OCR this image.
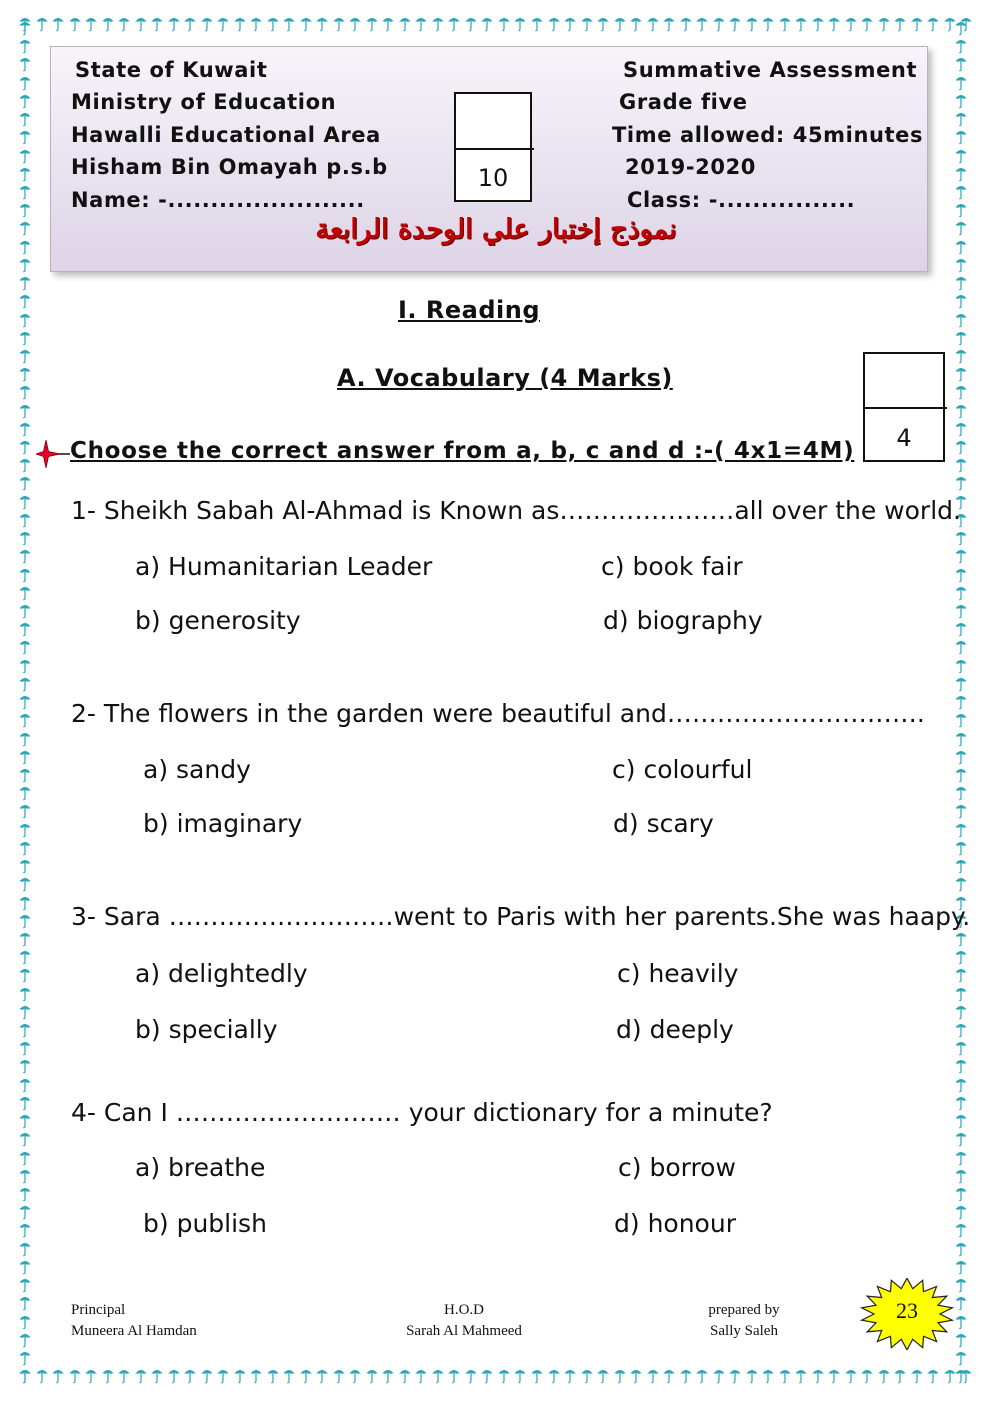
State of Kuwait
Ministry of Education
Hawalli Educational Area
Hisham Bin Omayah p.s.b
Name: -.......................
Summative Assessment
Grade five
Time allowed: 45minutes
2019-2020
Class: -................
10
نموذج إختبار علي الوحدة الرابعة
I. Reading
A. Vocabulary (4 Marks)
4
Choose the correct answer from a, b, c and d :-( 4x1=4M)
1- Sheikh Sabah Al-Ahmad is Known as…………………all over the world.
a) Humanitarian Leader
b) generosity
c) book fair
d) biography
2- The flowers in the garden were beautiful and………………………….
a) sandy
b) imaginary
c) colourful
d) scary
3- Sara ………………………went to Paris with her parents.She was haapy.
a) delightedly
b) specially
c) heavily
d) deeply
4- Can I ……………………… your dictionary for a minute?
a) breathe
b) publish
c) borrow
d) honour
Principal
Muneera Al Hamdan
H.O.D
Sarah Al Mahmeed
prepared by
Sally Saleh
23
